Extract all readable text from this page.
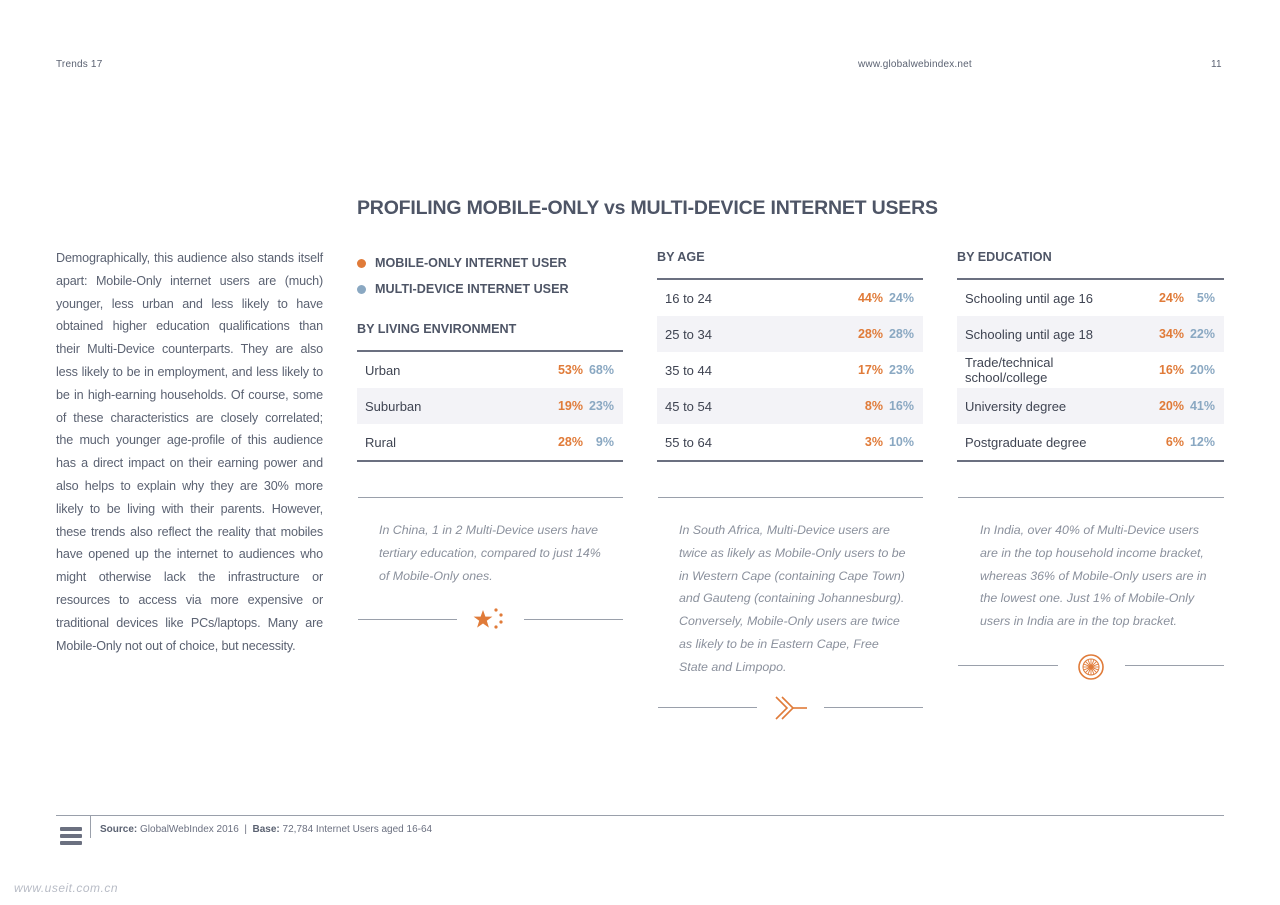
Trends 17	www.globalwebindex.net	11
PROFILING MOBILE-ONLY vs MULTI-DEVICE INTERNET USERS

Demographically, this audience also stands itself apart: Mobile-Only internet users are (much) younger, less urban and less likely to have obtained higher education qualifications than their Multi-Device counterparts. They are also less likely to be in employment, and less likely to be in high-earning households. Of course, some of these characteristics are closely correlated; the much younger age-profile of this audience has a direct impact on their earning power and also helps to explain why they are 30% more likely to be living with their parents. However, these trends also reflect the reality that mobiles have opened up the internet to audiences who might otherwise lack the infrastructure or resources to access via more expensive or traditional devices like PCs/laptops. Many are Mobile-Only not out of choice, but necessity.

MOBILE-ONLY INTERNET USER
MULTI-DEVICE INTERNET USER
BY LIVING ENVIRONMENT
Urban	53% 68%
Suburban	19% 23%
Rural	28%	9%
BY AGE
16 to 24	44% 24%
25 to 34	28% 28%
35 to 44	17% 23%
45 to 54	8% 16%
55 to 64	3% 10%
BY EDUCATION
Schooling until age 16	24%	5%
Schooling until age 18	34% 22%
Trade/technical school/college	16% 20%
University degree	20% 41%
Postgraduate degree	6% 12%

In China, 1 in 2 Multi-Device users have tertiary education, compared to just 14% of Mobile-Only ones.

In South Africa, Multi-Device users are twice as likely as Mobile-Only users to be in Western Cape (containing Cape Town) and Gauteng (containing Johannesburg). Conversely, Mobile-Only users are twice as likely to be in Eastern Cape, Free State and Limpopo.

In India, over 40% of Multi-Device users are in the top household income bracket, whereas 36% of Mobile-Only users are in the lowest one. Just 1% of Mobile-Only users in India are in the top bracket.

Source: GlobalWebIndex 2016  |  Base: 72,784 Internet Users aged 16-64
www.useit.com.cn
